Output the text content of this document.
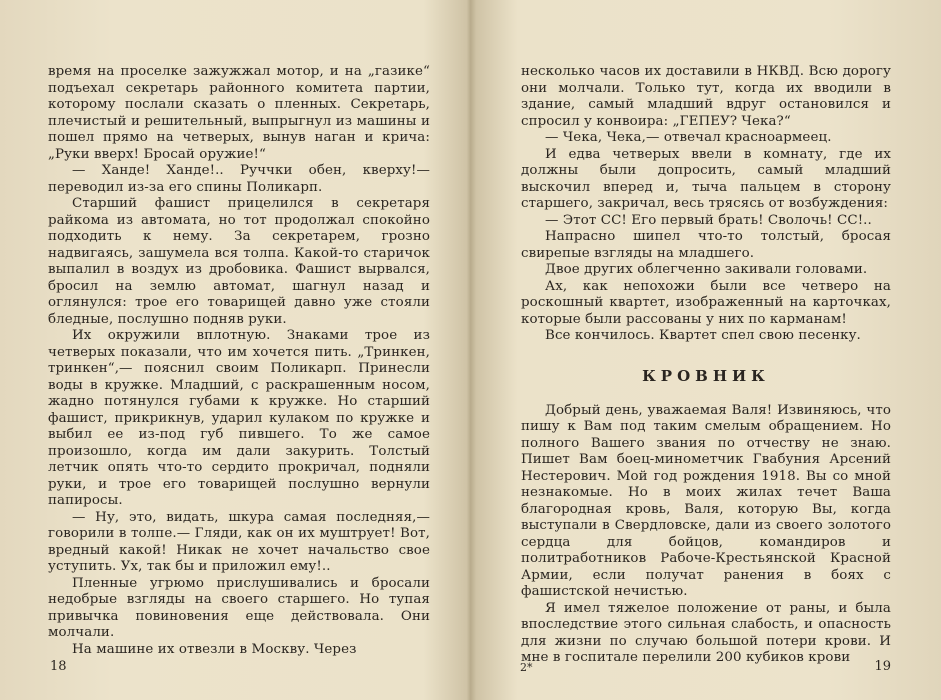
время на проселке зажужжал мотор, и на „газике“ подъехал секретарь районного комитета партии, которому послали сказать о пленных. Секретарь, плечистый и решительный, выпрыгнул из машины и пошел прямо на четверых, вынув наган и крича: „Руки вверх! Бросай оружие!“

— Ханде! Ханде!.. Руччки обен, кверху!—переводил из-за его спины Поликарп.

Старший фашист прицелился в секретаря райкома из автомата, но тот продолжал спокойно подходить к нему. За секретарем, грозно надвигаясь, зашумела вся толпа. Какой-то старичок выпалил в воздух из дробовика. Фашист вырвался, бросил на землю автомат, шагнул назад и оглянулся: трое его товарищей давно уже стояли бледные, послушно подняв руки.

Их окружили вплотную. Знаками трое из четверых показали, что им хочется пить. „Тринкен, тринкен“,— пояснил своим Поликарп. Принесли воды в кружке. Младший, с раскрашенным носом, жадно потянулся губами к кружке. Но старший фашист, прикрикнув, ударил кулаком по кружке и выбил ее из-под губ пившего. То же самое произошло, когда им дали закурить. Толстый летчик опять что-то сердито прокричал, подняли руки, и трое его товарищей послушно вернули папиросы.

— Ну, это, видать, шкура самая последняя,— говорили в толпе.— Гляди, как он их муштрует! Вот, вредный какой! Никак не хочет начальство свое уступить. Ух, так бы и приложил ему!..

Пленные угрюмо прислушивались и бросали недобрые взгляды на своего старшего. Но тупая привычка повиновения еще действовала. Они молчали.

На машине их отвезли в Москву. Через

18

несколько часов их доставили в НКВД. Всю дорогу они молчали. Только тут, когда их вводили в здание, самый младший вдруг остановился и спросил у конвоира: „ГЕПЕУ? Чека?“

— Чека, Чека,— отвечал красноармеец.

И едва четверых ввели в комнату, где их должны были допросить, самый младший выскочил вперед и, тыча пальцем в сторону старшего, закричал, весь трясясь от возбуждения:

— Этот СС! Его первый брать! Сволочь! СС!..

Напрасно шипел что-то толстый, бросая свирепые взгляды на младшего.

Двое других облегченно закивали головами.

Ах, как непохожи были все четверо на роскошный квартет, изображенный на карточках, которые были рассованы у них по карманам!

Все кончилось. Квартет спел свою песенку.

КРОВНИК

Добрый день, уважаемая Валя! Извиняюсь, что пишу к Вам под таким смелым обращением. Но полного Вашего звания по отчеству не знаю. Пишет Вам боец-минометчик Гвабуния Арсений Нестерович. Мой год рождения 1918. Вы со мной незнакомые. Но в моих жилах течет Ваша благородная кровь, Валя, которую Вы, когда выступали в Свердловске, дали из своего золотого сердца для бойцов, командиров и политработников Рабоче-Крестьянской Красной Армии, если получат ранения в боях с фашистской нечистью.

Я имел тяжелое положение от раны, и была впоследствие этого сильная слабость, и опасность для жизни по случаю большой потери крови. И мне в госпитале перелили 200 кубиков крови

19
2*
